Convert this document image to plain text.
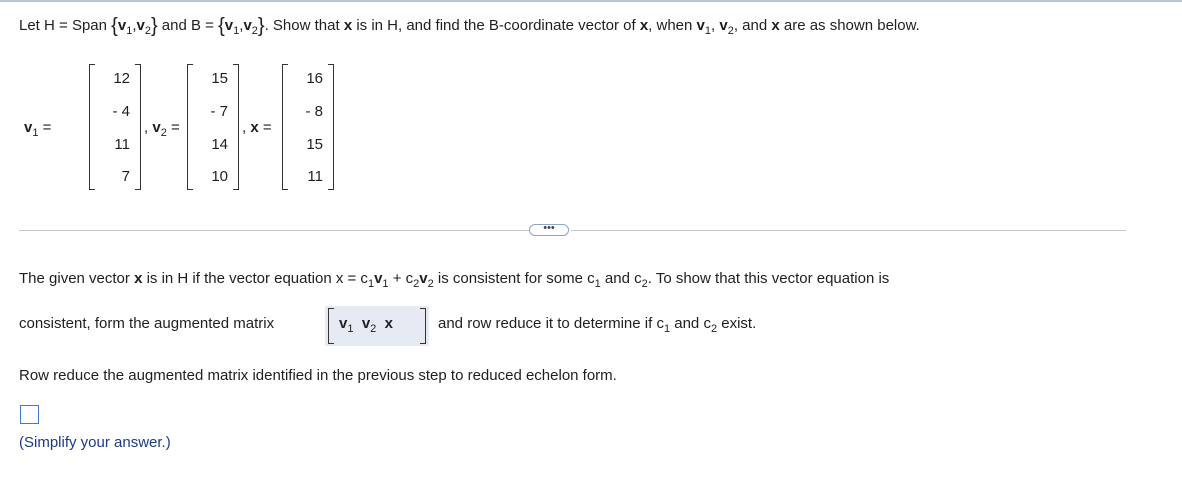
Let H = Span $\{v_1,v_2\}$ and $B = \{v_1,v_2\}$. Show that x is in H, and find the B-coordinate vector of x, when $v_1$, $v_2$, and x are as shown below.
$v_1$ =
12
- 4
11
7
, $v_2$ =
15
- 7
14
10
, x =
16
- 8
15
11
•••
The given vector x is in H if the vector equation $x = c_1v_1 + c_2v_2$ is consistent for some $c_1$ and $c_2$. To show that this vector equation is
consistent, form the augmented matrix	$v_1$ $v_2$ x	and row reduce it to determine if $c_1$ and $c_2$ exist.
Row reduce the augmented matrix identified in the previous step to reduced echelon form.
(Simplify your answer.)
